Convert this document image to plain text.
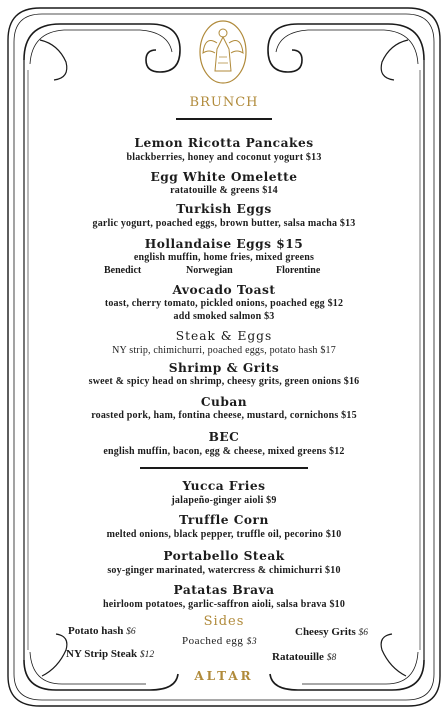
BRUNCH
Lemon Ricotta Pancakes
blackberries, honey and coconut yogurt $13
Egg White Omelette
ratatouille & greens $14
Turkish Eggs
garlic yogurt, poached eggs, brown butter, salsa macha $13
Hollandaise Eggs $15
english muffin, home fries, mixed greens
Benedict	Norwegian	Florentine
Avocado Toast
toast, cherry tomato, pickled onions, poached egg $12
add smoked salmon $3
Steak & Eggs
NY strip, chimichurri, poached eggs, potato hash $17
Shrimp & Grits
sweet & spicy head on shrimp, cheesy grits, green onions $16
Cuban
roasted pork, ham, fontina cheese, mustard, cornichons $15
BEC
english muffin, bacon, egg & cheese, mixed greens $12
Yucca Fries
jalapeño-ginger aioli $9
Truffle Corn
melted onions, black pepper, truffle oil, pecorino $10
Portabello Steak
soy-ginger marinated, watercress & chimichurri $10
Patatas Brava
heirloom potatoes, garlic-saffron aioli, salsa brava $10
Sides
Potato hash $6
Poached egg $3
Cheesy Grits $6
NY Strip Steak $12	Ratatouille $8
ALTAR
